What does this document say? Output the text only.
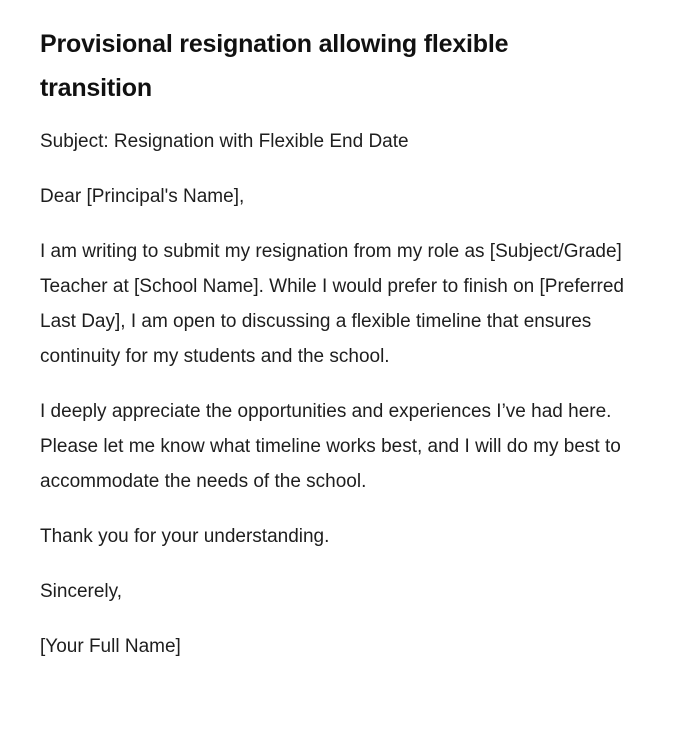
Provisional resignation allowing flexible transition

Subject: Resignation with Flexible End Date

Dear [Principal's Name],

I am writing to submit my resignation from my role as [Subject/Grade] Teacher at [School Name]. While I would prefer to finish on [Preferred Last Day], I am open to discussing a flexible timeline that ensures continuity for my students and the school.

I deeply appreciate the opportunities and experiences I’ve had here. Please let me know what timeline works best, and I will do my best to accommodate the needs of the school.

Thank you for your understanding.

Sincerely,

[Your Full Name]
